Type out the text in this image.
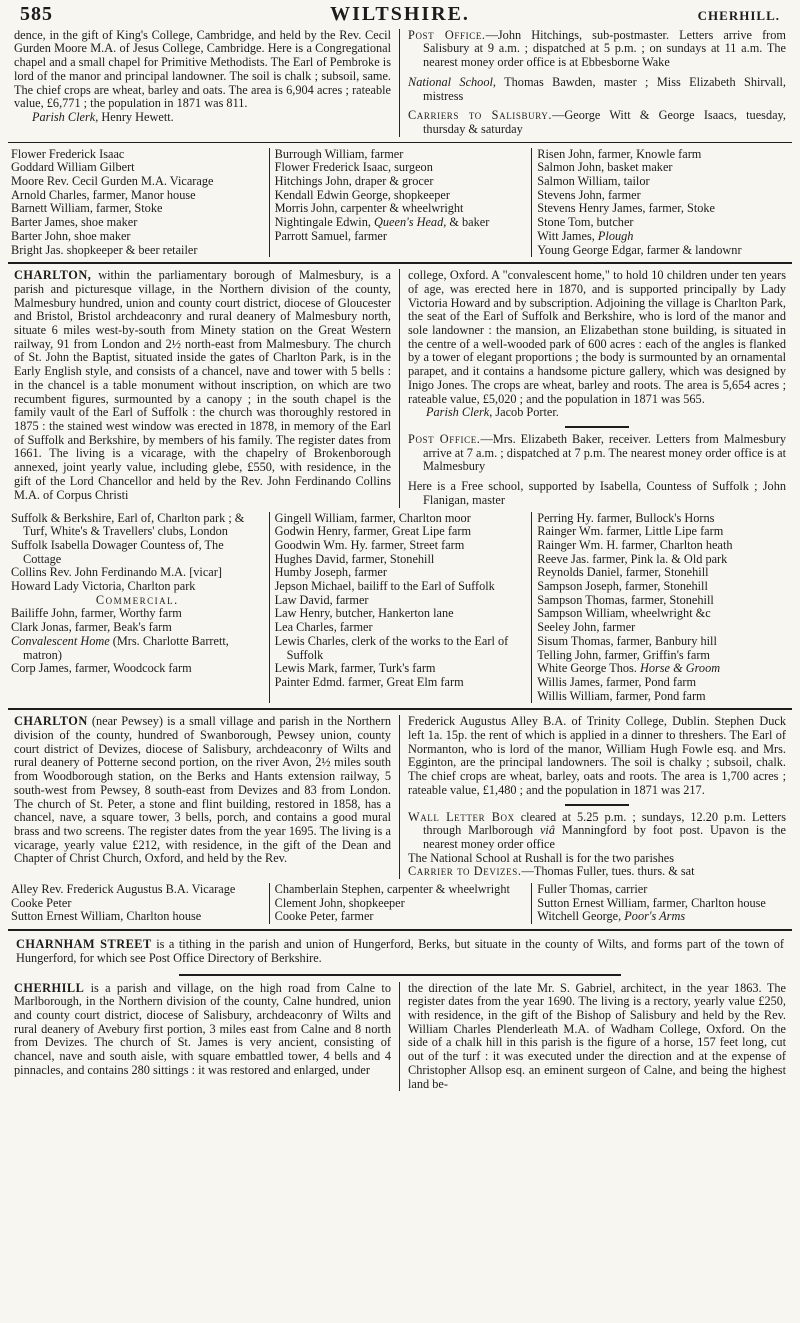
585	WILTSHIRE.	CHERHILL.
dence, in the gift of King's College, Cambridge, and held by the Rev. Cecil Gurden Moore M.A. of Jesus College, Cambridge. Here is a Congregational chapel and a small chapel for Primitive Methodists. The Earl of Pembroke is lord of the manor and principal landowner. The soil is chalk ; subsoil, same. The chief crops are wheat, barley and oats. The area is 6,904 acres ; rateable value, £6,771 ; the population in 1871 was 811.
Parish Clerk, Henry Hewett.
Post Office.—John Hitchings, sub-postmaster. Letters arrive from Salisbury at 9 a.m. ; dispatched at 5 p.m. ; on sundays at 11 a.m. The nearest money order office is at Ebbesborne Wake
National School, Thomas Bawden, master ; Miss Elizabeth Shirvall, mistress
Carriers to Salisbury.—George Witt & George Isaacs, tuesday, thursday & saturday
Flower Frederick Isaac
Goddard William Gilbert
Moore Rev. Cecil Gurden M.A. Vicarage
Arnold Charles, farmer, Manor house
Barnett William, farmer, Stoke
Barter James, shoe maker
Barter John, shoe maker
Bright Jas. shopkeeper & beer retailer
Burrough William, farmer
Flower Frederick Isaac, surgeon
Hitchings John, draper & grocer
Kendall Edwin George, shopkeeper
Morris John, carpenter & wheelwright
Nightingale Edwin, Queen's Head, & baker
Parrott Samuel, farmer
Risen John, farmer, Knowle farm
Salmon John, basket maker
Salmon William, tailor
Stevens John, farmer
Stevens Henry James, farmer, Stoke
Stone Tom, butcher
Witt James, Plough
Young George Edgar, farmer & landownr
CHARLTON, within the parliamentary borough of Malmesbury, is a parish and picturesque village, in the Northern division of the county, Malmesbury hundred, union and county court district, diocese of Gloucester and Bristol, Bristol archdeaconry and rural deanery of Malmesbury north, situate 6 miles west-by-south from Minety station on the Great Western railway, 91 from London and 2½ north-east from Malmesbury. The church of St. John the Baptist, situated inside the gates of Charlton Park, is in the Early English style, and consists of a chancel, nave and tower with 5 bells : in the chancel is a table monument without inscription, on which are two recumbent figures, surmounted by a canopy ; in the south chapel is the family vault of the Earl of Suffolk : the church was thoroughly restored in 1875 : the stained west window was erected in 1878, in memory of the Earl of Suffolk and Berkshire, by members of his family. The register dates from 1661. The living is a vicarage, with the chapelry of Brokenborough annexed, joint yearly value, including glebe, £550, with residence, in the gift of the Lord Chancellor and held by the Rev. John Ferdinando Collins M.A. of Corpus Christi
college, Oxford. A "convalescent home," to hold 10 children under ten years of age, was erected here in 1870, and is supported principally by Lady Victoria Howard and by subscription. Adjoining the village is Charlton Park, the seat of the Earl of Suffolk and Berkshire, who is lord of the manor and sole landowner : the mansion, an Elizabethan stone building, is situated in the centre of a well-wooded park of 600 acres : each of the angles is flanked by a tower of elegant proportions ; the body is surmounted by an ornamental parapet, and it contains a handsome picture gallery, which was designed by Inigo Jones. The crops are wheat, barley and roots. The area is 5,654 acres ; rateable value, £5,020 ; and the population in 1871 was 565.
Parish Clerk, Jacob Porter.
Post Office.—Mrs. Elizabeth Baker, receiver. Letters from Malmesbury arrive at 7 a.m. ; dispatched at 7 p.m. The nearest money order office is at Malmesbury
Here is a Free school, supported by Isabella, Countess of Suffolk ; John Flanigan, master
Suffolk & Berkshire, Earl of, Charlton park ; & Turf, White's & Travellers' clubs, London
Suffolk Isabella Dowager Countess of, The Cottage
Collins Rev. John Ferdinando M.A. [vicar]
Howard Lady Victoria, Charlton park
Commercial.
Bailiffe John, farmer, Worthy farm
Clark Jonas, farmer, Beak's farm
Convalescent Home (Mrs. Charlotte Barrett, matron)
Corp James, farmer, Woodcock farm
Gingell William, farmer, Charlton moor
Godwin Henry, farmer, Great Lipe farm
Goodwin Wm. Hy. farmer, Street farm
Hughes David, farmer, Stonehill
Humby Joseph, farmer
Jepson Michael, bailiff to the Earl of Suffolk
Law David, farmer
Law Henry, butcher, Hankerton lane
Lea Charles, farmer
Lewis Charles, clerk of the works to the Earl of Suffolk
Lewis Mark, farmer, Turk's farm
Painter Edmd. farmer, Great Elm farm
Perring Hy. farmer, Bullock's Horns
Rainger Wm. farmer, Little Lipe farm
Rainger Wm. H. farmer, Charlton heath
Reeve Jas. farmer, Pink la. & Old park
Reynolds Daniel, farmer, Stonehill
Sampson Joseph, farmer, Stonehill
Sampson Thomas, farmer, Stonehill
Sampson William, wheelwright &c
Seeley John, farmer
Sisum Thomas, farmer, Banbury hill
Telling John, farmer, Griffin's farm
White George Thos. Horse & Groom
Willis James, farmer, Pond farm
Willis William, farmer, Pond farm
CHARLTON (near Pewsey) is a small village and parish in the Northern division of the county, hundred of Swanborough, Pewsey union, county court district of Devizes, diocese of Salisbury, archdeaconry of Wilts and rural deanery of Potterne second portion, on the river Avon, 2½ miles south from Woodborough station, on the Berks and Hants extension railway, 5 south-west from Pewsey, 8 south-east from Devizes and 83 from London. The church of St. Peter, a stone and flint building, restored in 1858, has a chancel, nave, a square tower, 3 bells, porch, and contains a good mural brass and two screens. The register dates from the year 1695. The living is a vicarage, yearly value £212, with residence, in the gift of the Dean and Chapter of Christ Church, Oxford, and held by the Rev.
Frederick Augustus Alley B.A. of Trinity College, Dublin. Stephen Duck left 1a. 15p. the rent of which is applied in a dinner to threshers. The Earl of Normanton, who is lord of the manor, William Hugh Fowle esq. and Mrs. Egginton, are the principal landowners. The soil is chalky ; subsoil, chalk. The chief crops are wheat, barley, oats and roots. The area is 1,700 acres ; rateable value, £1,480 ; and the population in 1871 was 217.
Wall Letter Box cleared at 5.25 p.m. ; sundays, 12.20 p.m. Letters through Marlborough viâ Manningford by foot post. Upavon is the nearest money order office
The National School at Rushall is for the two parishes
Carrier to Devizes.—Thomas Fuller, tues. thurs. & sat
Alley Rev. Frederick Augustus B.A. Vicarage
Cooke Peter
Sutton Ernest William, Charlton house
Chamberlain Stephen, carpenter & wheelwright
Clement John, shopkeeper
Cooke Peter, farmer
Fuller Thomas, carrier
Sutton Ernest William, farmer, Charlton house
Witchell George, Poor's Arms
CHARNHAM STREET is a tithing in the parish and union of Hungerford, Berks, but situate in the county of Wilts, and forms part of the town of Hungerford, for which see Post Office Directory of Berkshire.
CHERHILL is a parish and village, on the high road from Calne to Marlborough, in the Northern division of the county, Calne hundred, union and county court district, diocese of Salisbury, archdeaconry of Wilts and rural deanery of Avebury first portion, 3 miles east from Calne and 8 north from Devizes. The church of St. James is very ancient, consisting of chancel, nave and south aisle, with square embattled tower, 4 bells and 4 pinnacles, and contains 280 sittings : it was restored and enlarged, under
the direction of the late Mr. S. Gabriel, architect, in the year 1863. The register dates from the year 1690. The living is a rectory, yearly value £250, with residence, in the gift of the Bishop of Salisbury and held by the Rev. William Charles Plenderleath M.A. of Wadham College, Oxford. On the side of a chalk hill in this parish is the figure of a horse, 157 feet long, cut out of the turf : it was executed under the direction and at the expense of Christopher Allsop esq. an eminent surgeon of Calne, and being the highest land be-
